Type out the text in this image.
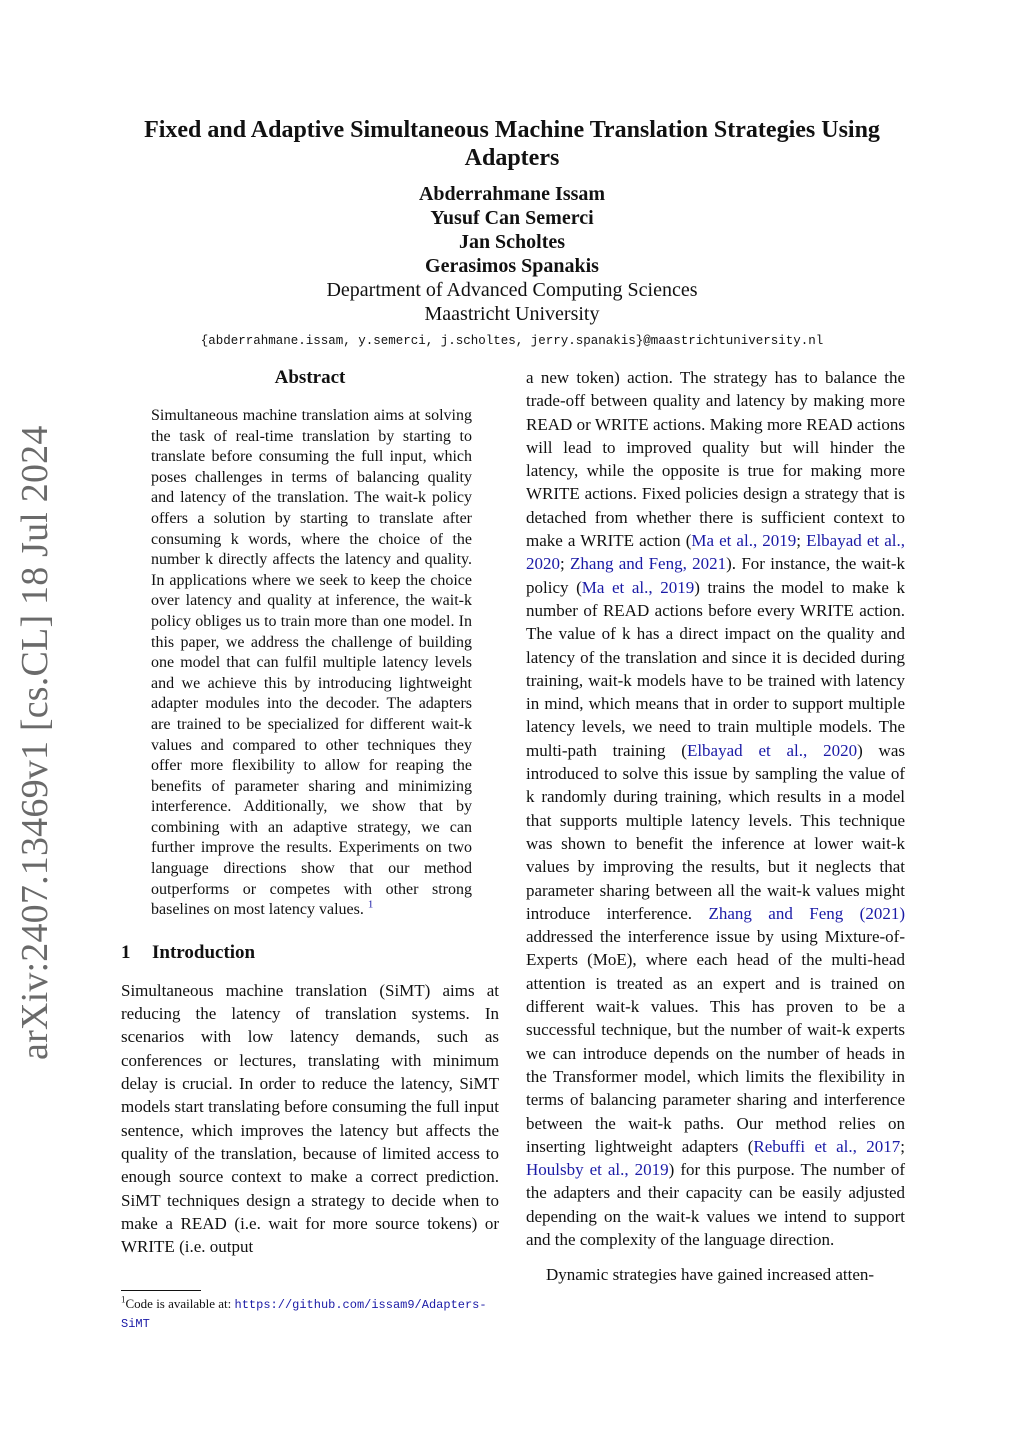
arXiv:2407.13469v1 [cs.CL] 18 Jul 2024
Fixed and Adaptive Simultaneous Machine Translation Strategies Using Adapters
Abderrahmane Issam
Yusuf Can Semerci
Jan Scholtes
Gerasimos Spanakis
Department of Advanced Computing Sciences
Maastricht University
{abderrahmane.issam, y.semerci, j.scholtes, jerry.spanakis}@maastrichtuniversity.nl
Abstract
Simultaneous machine translation aims at solving the task of real-time translation by starting to translate before consuming the full input, which poses challenges in terms of balancing quality and latency of the translation. The wait-k policy offers a solution by starting to translate after consuming k words, where the choice of the number k directly affects the latency and quality. In applications where we seek to keep the choice over latency and quality at inference, the wait-k policy obliges us to train more than one model. In this paper, we address the challenge of building one model that can fulfil multiple latency levels and we achieve this by introducing lightweight adapter modules into the decoder. The adapters are trained to be specialized for different wait-k values and compared to other techniques they offer more flexibility to allow for reaping the benefits of parameter sharing and minimizing interference. Additionally, we show that by combining with an adaptive strategy, we can further improve the results. Experiments on two language directions show that our method outperforms or competes with other strong baselines on most latency values. $^1$
1 Introduction

Simultaneous machine translation (SiMT) aims at reducing the latency of translation systems. In scenarios with low latency demands, such as conferences or lectures, translating with minimum delay is crucial. In order to reduce the latency, SiMT models start translating before consuming the full input sentence, which improves the latency but affects the quality of the translation, because of limited access to enough source context to make a correct prediction. SiMT techniques design a strategy to decide when to make a READ (i.e. wait for more source tokens) or WRITE (i.e. output

a new token) action. The strategy has to balance the trade-off between quality and latency by making more READ or WRITE actions. Making more READ actions will lead to improved quality but will hinder the latency, while the opposite is true for making more WRITE actions. Fixed policies design a strategy that is detached from whether there is sufficient context to make a WRITE action (Ma et al., 2019; Elbayad et al., 2020; Zhang and Feng, 2021). For instance, the wait-k policy (Ma et al., 2019) trains the model to make k number of READ actions before every WRITE action. The value of k has a direct impact on the quality and latency of the translation and since it is decided during training, wait-k models have to be trained with latency in mind, which means that in order to support multiple latency levels, we need to train multiple models. The multi-path training (Elbayad et al., 2020) was introduced to solve this issue by sampling the value of k randomly during training, which results in a model that supports multiple latency levels. This technique was shown to benefit the inference at lower wait-k values by improving the results, but it neglects that parameter sharing between all the wait-k values might introduce interference. Zhang and Feng (2021) addressed the interference issue by using Mixture-of-Experts (MoE), where each head of the multi-head attention is treated as an expert and is trained on different wait-k values. This has proven to be a successful technique, but the number of wait-k experts we can introduce depends on the number of heads in the Transformer model, which limits the flexibility in terms of balancing parameter sharing and interference between the wait-k paths. Our method relies on inserting lightweight adapters (Rebuffi et al., 2017; Houlsby et al., 2019) for this purpose. The number of the adapters and their capacity can be easily adjusted depending on the wait-k values we intend to support and the complexity of the language direction.

Dynamic strategies have gained increased atten-

$^1$Code is available at: https://github.com/issam9/Adapters-SiMT
